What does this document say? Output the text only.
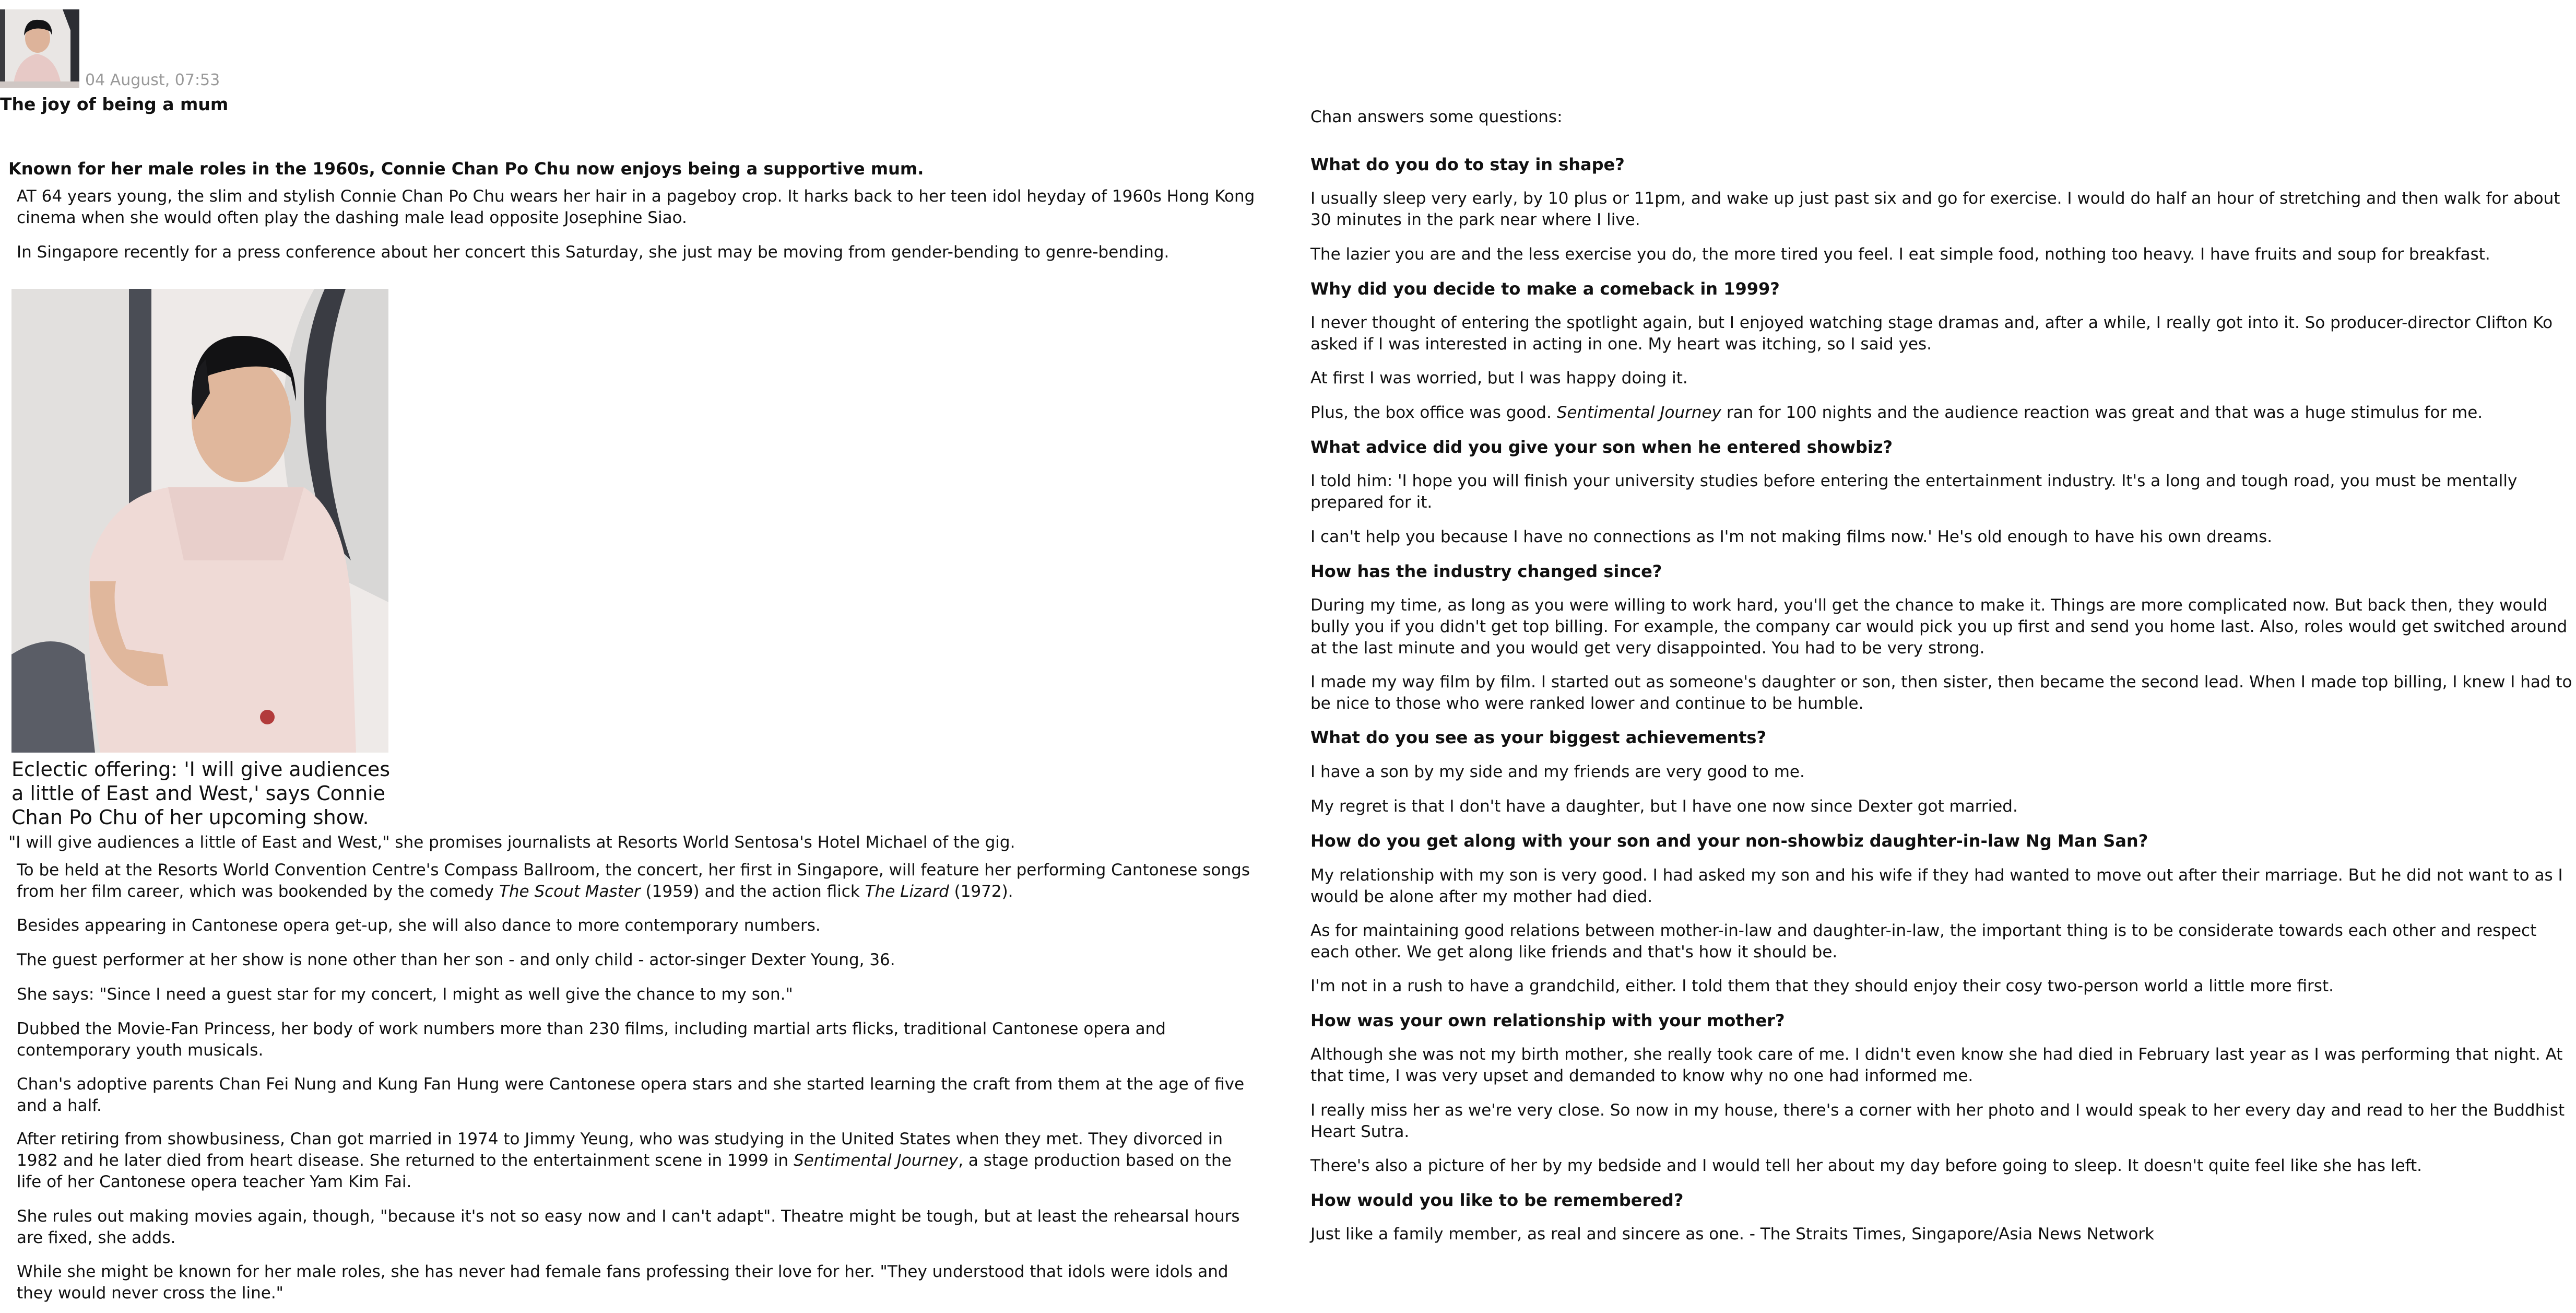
04 August, 07:53
The joy of being a mum
Known for her male roles in the 1960s, Connie Chan Po Chu now enjoys being a supportive mum.

AT 64 years young, the slim and stylish Connie Chan Po Chu wears her hair in a pageboy crop. It harks back to her teen idol heyday of 1960s Hong Kong cinema when she would often play the dashing male lead opposite Josephine Siao.

In Singapore recently for a press conference about her concert this Saturday, she just may be moving from gender-bending to genre-bending.

Eclectic offering: 'I will give audiences a little of East and West,' says Connie Chan Po Chu of her upcoming show.

"I will give audiences a little of East and West," she promises journalists at Resorts World Sentosa's Hotel Michael of the gig.

To be held at the Resorts World Convention Centre's Compass Ballroom, the concert, her first in Singapore, will feature her performing Cantonese songs from her film career, which was bookended by the comedy The Scout Master (1959) and the action flick The Lizard (1972).

Besides appearing in Cantonese opera get-up, she will also dance to more contemporary numbers.

The guest performer at her show is none other than her son - and only child - actor-singer Dexter Young, 36.

She says: "Since I need a guest star for my concert, I might as well give the chance to my son."

Dubbed the Movie-Fan Princess, her body of work numbers more than 230 films, including martial arts flicks, traditional Cantonese opera and contemporary youth musicals.

Chan's adoptive parents Chan Fei Nung and Kung Fan Hung were Cantonese opera stars and she started learning the craft from them at the age of five and a half.

After retiring from showbusiness, Chan got married in 1974 to Jimmy Yeung, who was studying in the United States when they met. They divorced in 1982 and he later died from heart disease. She returned to the entertainment scene in 1999 in Sentimental Journey, a stage production based on the life of her Cantonese opera teacher Yam Kim Fai.

She rules out making movies again, though, "because it's not so easy now and I can't adapt". Theatre might be tough, but at least the rehearsal hours are fixed, she adds.

While she might be known for her male roles, she has never had female fans professing their love for her. "They understood that idols were idols and they would never cross the line."

Chan answers some questions:

What do you do to stay in shape?

I usually sleep very early, by 10 plus or 11pm, and wake up just past six and go for exercise. I would do half an hour of stretching and then walk for about 30 minutes in the park near where I live.

The lazier you are and the less exercise you do, the more tired you feel. I eat simple food, nothing too heavy. I have fruits and soup for breakfast.

Why did you decide to make a comeback in 1999?

I never thought of entering the spotlight again, but I enjoyed watching stage dramas and, after a while, I really got into it. So producer-director Clifton Ko asked if I was interested in acting in one. My heart was itching, so I said yes.

At first I was worried, but I was happy doing it.

Plus, the box office was good. Sentimental Journey ran for 100 nights and the audience reaction was great and that was a huge stimulus for me.

What advice did you give your son when he entered showbiz?

I told him: 'I hope you will finish your university studies before entering the entertainment industry. It's a long and tough road, you must be mentally prepared for it.

I can't help you because I have no connections as I'm not making films now.' He's old enough to have his own dreams.

How has the industry changed since?

During my time, as long as you were willing to work hard, you'll get the chance to make it. Things are more complicated now. But back then, they would bully you if you didn't get top billing. For example, the company car would pick you up first and send you home last. Also, roles would get switched around at the last minute and you would get very disappointed. You had to be very strong.

I made my way film by film. I started out as someone's daughter or son, then sister, then became the second lead. When I made top billing, I knew I had to be nice to those who were ranked lower and continue to be humble.

What do you see as your biggest achievements?

I have a son by my side and my friends are very good to me.

My regret is that I don't have a daughter, but I have one now since Dexter got married.

How do you get along with your son and your non-showbiz daughter-in-law Ng Man San?

My relationship with my son is very good. I had asked my son and his wife if they had wanted to move out after their marriage. But he did not want to as I would be alone after my mother had died.

As for maintaining good relations between mother-in-law and daughter-in-law, the important thing is to be considerate towards each other and respect each other. We get along like friends and that's how it should be.

I'm not in a rush to have a grandchild, either. I told them that they should enjoy their cosy two-person world a little more first.

How was your own relationship with your mother?

Although she was not my birth mother, she really took care of me. I didn't even know she had died in February last year as I was performing that night. At that time, I was very upset and demanded to know why no one had informed me.

I really miss her as we're very close. So now in my house, there's a corner with her photo and I would speak to her every day and read to her the Buddhist Heart Sutra.

There's also a picture of her by my bedside and I would tell her about my day before going to sleep. It doesn't quite feel like she has left.

How would you like to be remembered?

Just like a family member, as real and sincere as one. - The Straits Times, Singapore/Asia News Network
